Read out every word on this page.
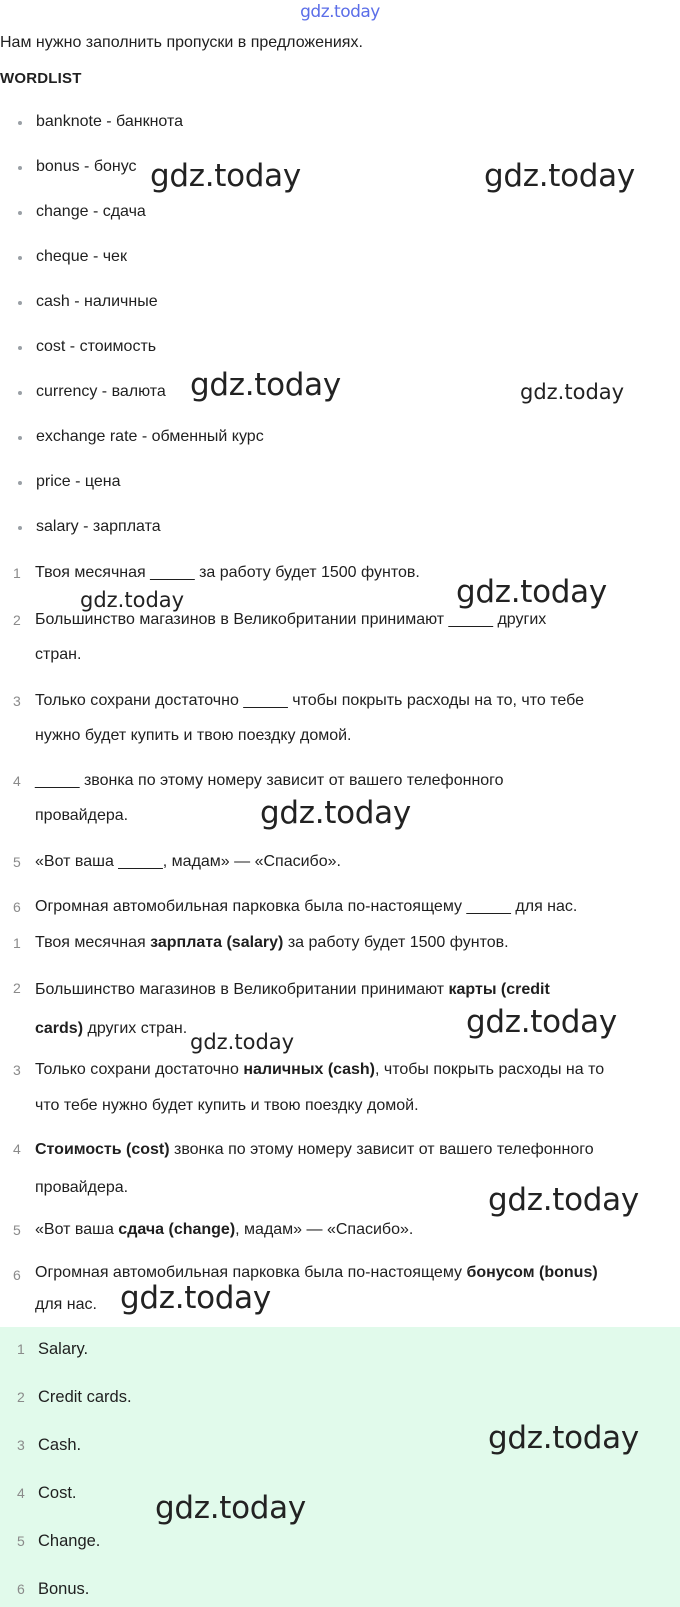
gdz.today
Нам нужно заполнить пропуски в предложениях.
WORDLIST
banknote - банкнота
bonus - бонус
change - сдача
cheque - чек
cash - наличные
cost - стоимость
currency - валюта
exchange rate - обменный курс
price - цена
salary - зарплата
1 Твоя месячная _____ за работу будет 1500 фунтов.
2 Большинство магазинов в Великобритании принимают _____ других
стран.
3 Только сохрани достаточно _____ чтобы покрыть расходы на то, что тебе
нужно будет купить и твою поездку домой.
4 _____ звонка по этому номеру зависит от вашего телефонного
провайдера.
5 «Вот ваша _____, мадам» — «Спасибо».
6 Огромная автомобильная парковка была по-настоящему _____ для нас.
1 Твоя месячная зарплата (salary) за работу будет 1500 фунтов.
2 Большинство магазинов в Великобритании принимают карты (credit
cards) других стран.
3 Только сохрани достаточно наличных (cash), чтобы покрыть расходы на то
что тебе нужно будет купить и твою поездку домой.
4 Стоимость (cost) звонка по этому номеру зависит от вашего телефонного
провайдера.
5 «Вот ваша сдача (change), мадам» — «Спасибо».
6 Огромная автомобильная парковка была по-настоящему бонусом (bonus)
для нас.
1 Salary.
2 Credit cards.
3 Cash.
4 Cost.
5 Change.
6 Bonus.
gdz.today	gdz.today
gdz.today	gdz.today
gdz.today	gdz.today
gdz.today
gdz.today
gdz.today
gdz.today
gdz.today
gdz.today
gdz.today
